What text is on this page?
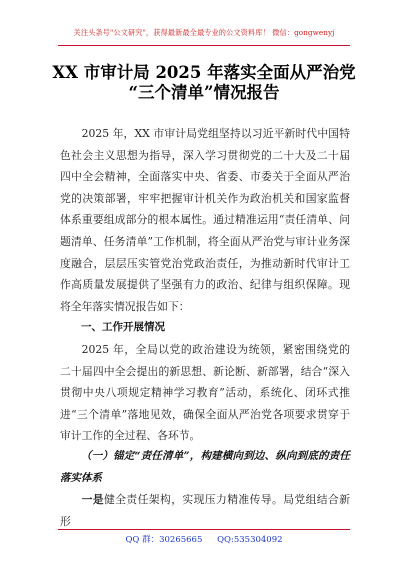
关注头条号"公文研究"，获得最新最全最专业的公文资料库！ 微信：gongwenyj
XX 市审计局 2025 年落实全面从严治党
“三个清单”情况报告

2025 年，XX 市审计局党组坚持以习近平新时代中国特色社会主义思想为指导，深入学习贯彻党的二十大及二十届四中全会精神，全面落实中央、省委、市委关于全面从严治党的决策部署，牢牢把握审计机关作为政治机关和国家监督体系重要组成部分的根本属性。通过精准运用“责任清单、问题清单、任务清单”工作机制，将全面从严治党与审计业务深度融合，层层压实管党治党政治责任，为推动新时代审计工作高质量发展提供了坚强有力的政治、纪律与组织保障。现将全年落实情况报告如下：

一、工作开展情况

2025 年，全局以党的政治建设为统领，紧密围绕党的二十届四中全会提出的新思想、新论断、新部署，结合“深入贯彻中央八项规定精神学习教育”活动，系统化、闭环式推进“三个清单”落地见效，确保全面从严治党各项要求贯穿于审计工作的全过程、各环节。

（一）锚定“责任清单”，构建横向到边、纵向到底的责任落实体系

一是健全责任架构，实现压力精准传导。局党组结合新形

QQ 群：30265665 QQ:535304092
